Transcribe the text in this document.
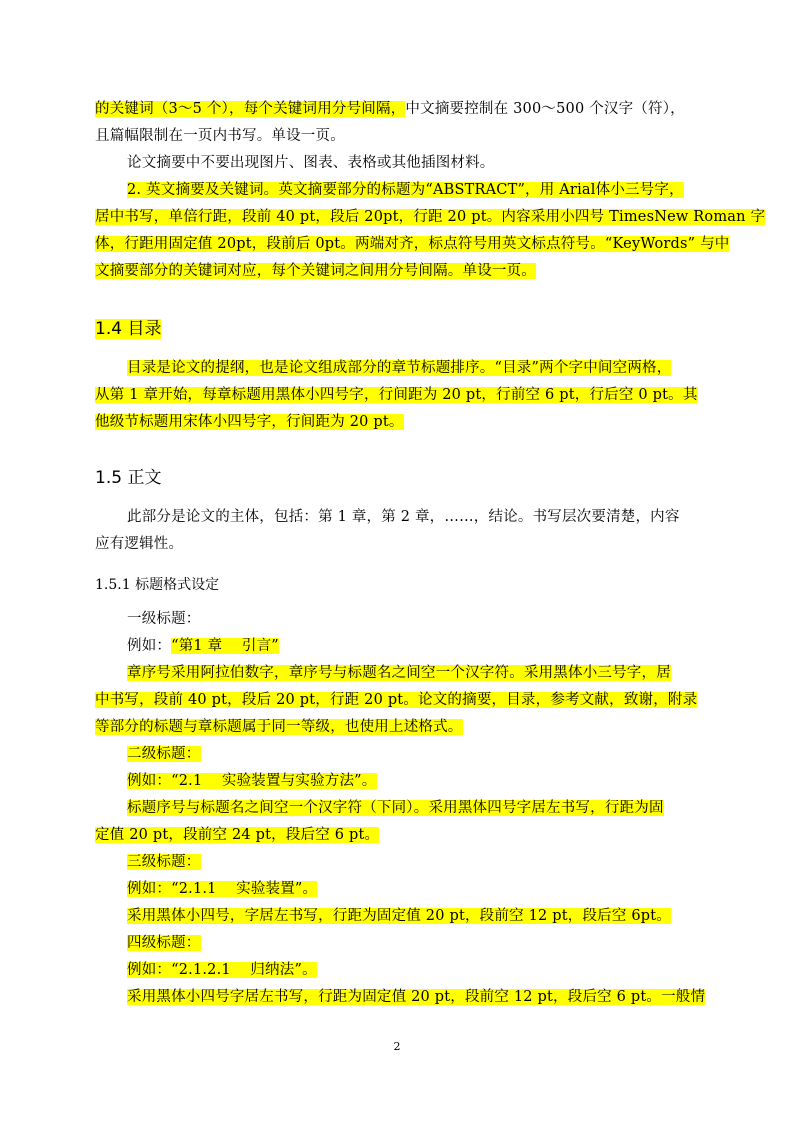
的关键词（3～5 个），每个关键词用分号间隔，中文摘要控制在 300～500 个汉字（符），
且篇幅限制在一页内书写。单设一页。
论文摘要中不要出现图片、图表、表格或其他插图材料。
2. 英文摘要及关键词。英文摘要部分的标题为“ABSTRACT”，用 Arial体小三号字，
居中书写，单倍行距，段前 40 pt，段后 20pt，行距 20 pt。内容采用小四号 TimesNew Roman 字
体，行距用固定值 20pt，段前后 0pt。两端对齐，标点符号用英文标点符号。“KeyWords” 与中
文摘要部分的关键词对应，每个关键词之间用分号间隔。单设一页。
1.4 目录
目录是论文的提纲，也是论文组成部分的章节标题排序。“目录”两个字中间空两格，
从第 1 章开始，每章标题用黑体小四号字，行间距为 20 pt，行前空 6 pt，行后空 0 pt。其
他级节标题用宋体小四号字，行间距为 20 pt。
1.5 正文
此部分是论文的主体，包括：第 1 章，第 2 章，……，结论。书写层次要清楚，内容
应有逻辑性。
1.5.1 标题格式设定
一级标题：
例如：“第1 章　 引言”
章序号采用阿拉伯数字，章序号与标题名之间空一个汉字符。采用黑体小三号字，居
中书写，段前 40 pt，段后 20 pt，行距 20 pt。论文的摘要，目录，参考文献，致谢，附录
等部分的标题与章标题属于同一等级，也使用上述格式。
二级标题：
例如：“2.1　 实验装置与实验方法”。
标题序号与标题名之间空一个汉字符（下同）。采用黑体四号字居左书写，行距为固
定值 20 pt，段前空 24 pt，段后空 6 pt。
三级标题：
例如：“2.1.1　 实验装置”。
采用黑体小四号，字居左书写，行距为固定值 20 pt，段前空 12 pt，段后空 6pt。
四级标题：
例如：“2.1.2.1　 归纳法”。
采用黑体小四号字居左书写，行距为固定值 20 pt，段前空 12 pt，段后空 6 pt。一般情
2
